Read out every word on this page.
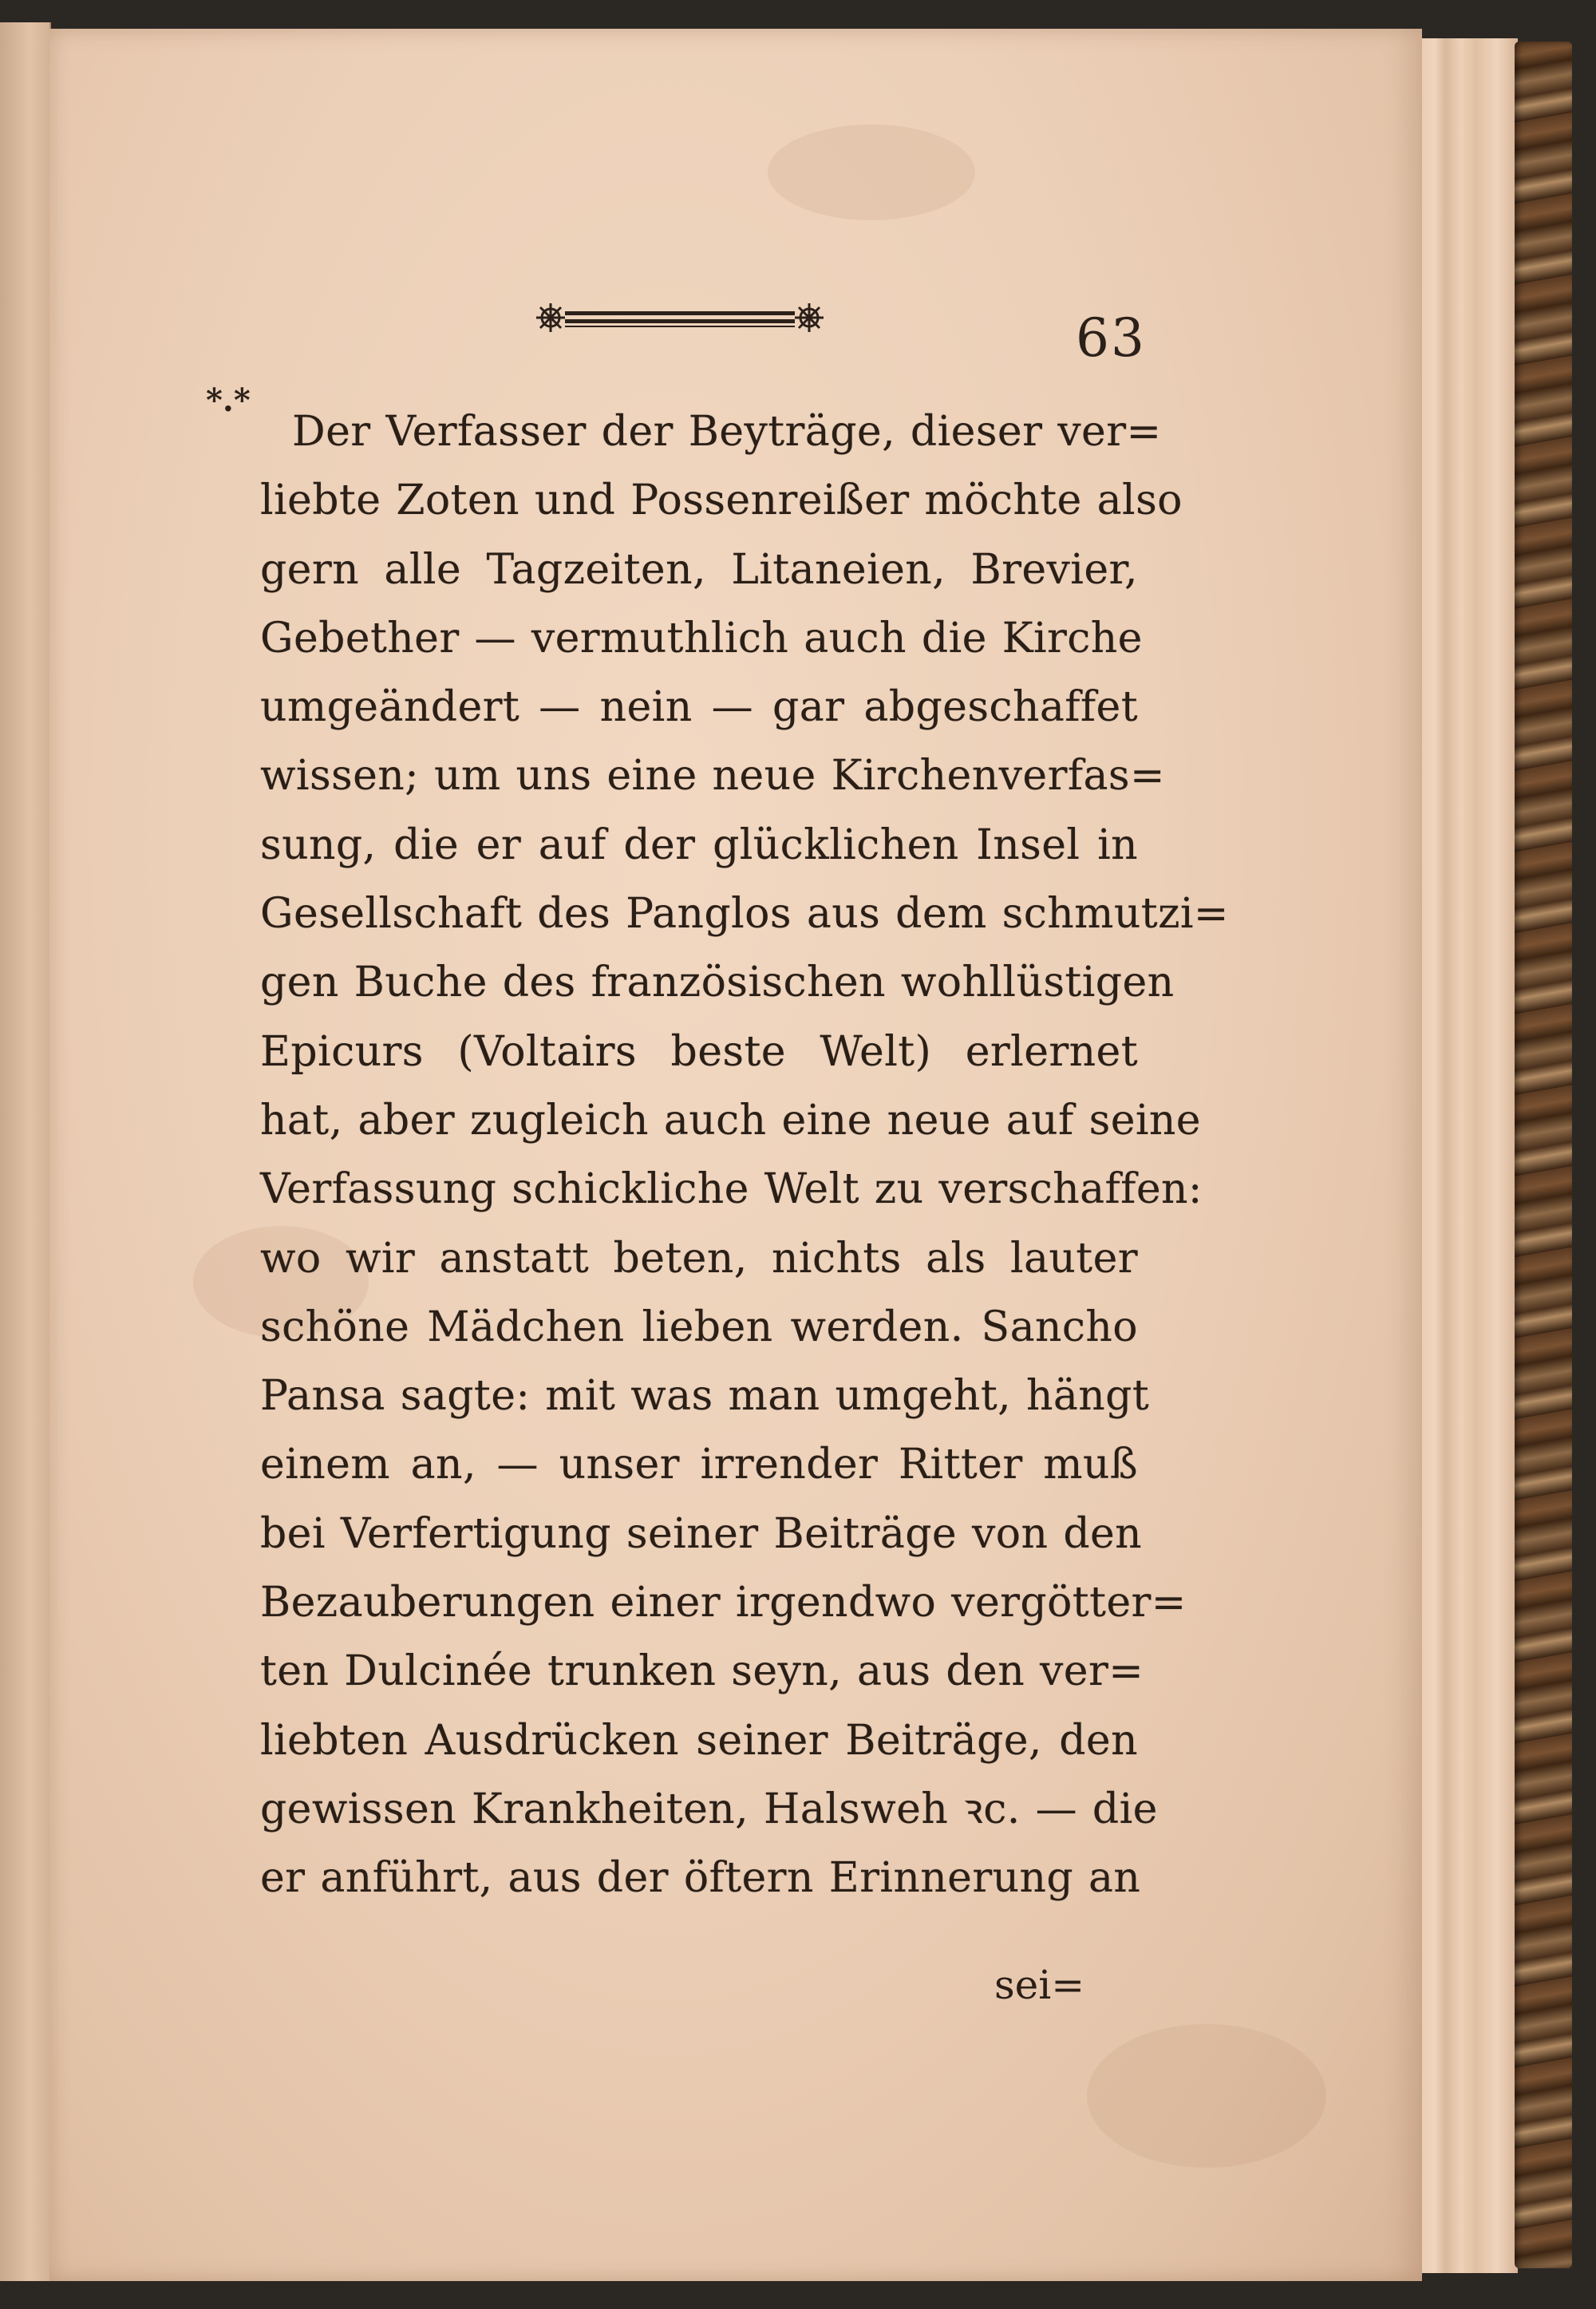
63
*.*
Der Verfasser der Beyträge, dieser ver=
liebte Zoten und Possenreißer möchte also
gern alle Tagzeiten, Litaneien, Brevier,
Gebether — vermuthlich auch die Kirche
umgeändert — nein — gar abgeschaffet
wissen; um uns eine neue Kirchenverfas=
sung, die er auf der glücklichen Insel in
Gesellschaft des Panglos aus dem schmutzi=
gen Buche des französischen wohllüstigen
Epicurs (Voltairs beste Welt) erlernet
hat, aber zugleich auch eine neue auf seine
Verfassung schickliche Welt zu verschaffen:
wo wir anstatt beten, nichts als lauter
schöne Mädchen lieben werden. Sancho
Pansa sagte: mit was man umgeht, hängt
einem an, — unser irrender Ritter muß
bei Verfertigung seiner Beiträge von den
Bezauberungen einer irgendwo vergötter=
ten Dulcinée trunken seyn, aus den ver=
liebten Ausdrücken seiner Beiträge, den
gewissen Krankheiten, Halsweh ꝛc. — die
er anführt, aus der öftern Erinnerung an
sei=
